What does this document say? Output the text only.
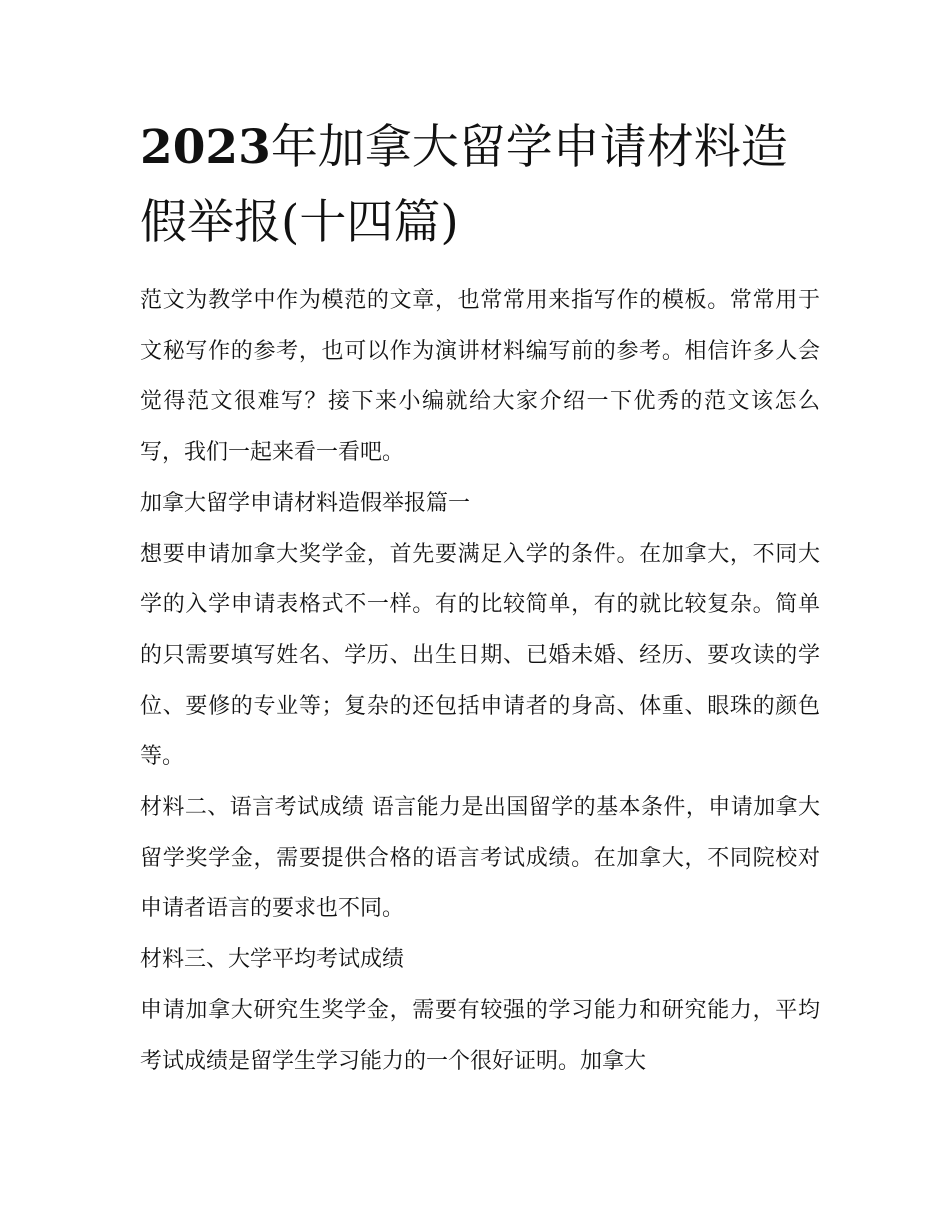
2023年加拿大留学申请材料造假举报(十四篇)

范文为教学中作为模范的文章，也常常用来指写作的模板。常常用于文秘写作的参考，也可以作为演讲材料编写前的参考。相信许多人会觉得范文很难写？接下来小编就给大家介绍一下优秀的范文该怎么写，我们一起来看一看吧。

加拿大留学申请材料造假举报篇一

想要申请加拿大奖学金，首先要满足入学的条件。在加拿大，不同大学的入学申请表格式不一样。有的比较简单，有的就比较复杂。简单的只需要填写姓名、学历、出生日期、已婚未婚、经历、要攻读的学位、要修的专业等；复杂的还包括申请者的身高、体重、眼珠的颜色等。

材料二、语言考试成绩 语言能力是出国留学的基本条件，申请加拿大留学奖学金，需要提供合格的语言考试成绩。在加拿大，不同院校对申请者语言的要求也不同。

材料三、大学平均考试成绩

申请加拿大研究生奖学金，需要有较强的学习能力和研究能力，平均考试成绩是留学生学习能力的一个很好证明。加拿大
